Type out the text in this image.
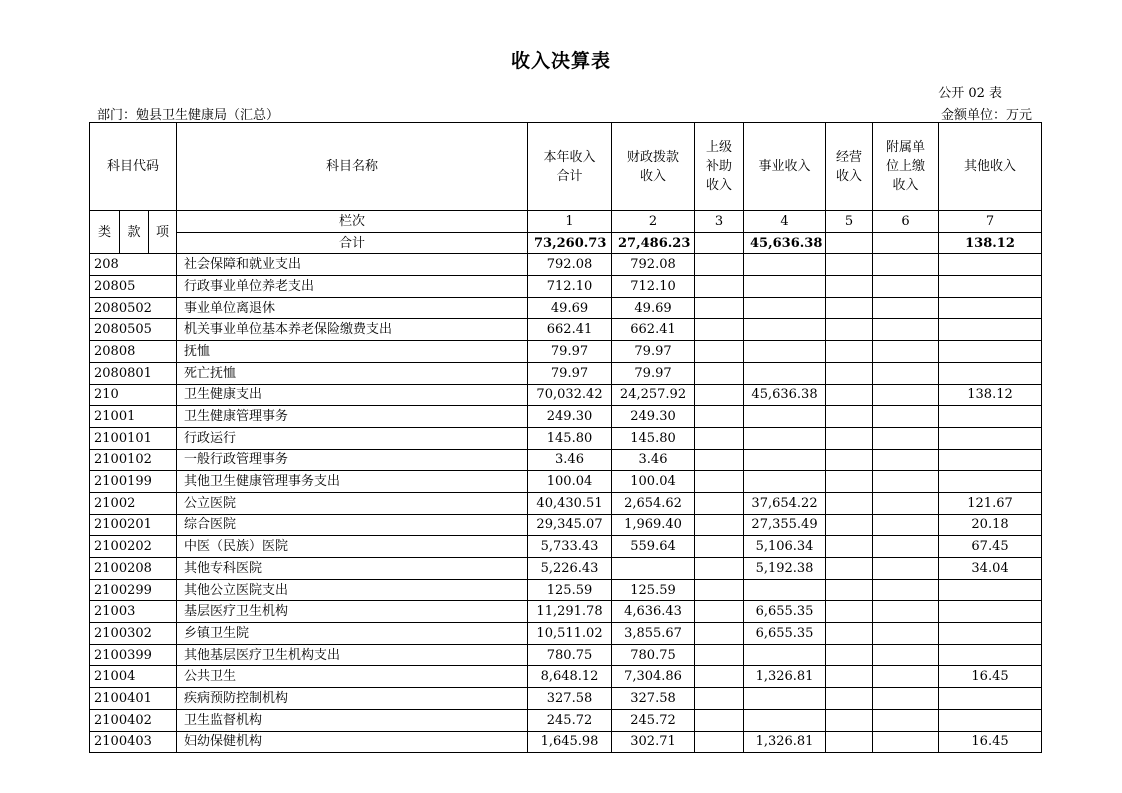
收入决算表
公开 02 表
部门：勉县卫生健康局（汇总）	金额单位：万元
科目代码			科目名称	本年收入合计	财政拨款收入	上级补助收入	事业收入	经营收入	附属单位上缴收入	其他收入
类	款	项	栏次	1	2	3	4	5	6	7
			合计	73,260.73	27,486.23		45,636.38			138.12
208			社会保障和就业支出	792.08	792.08					
20805			行政事业单位养老支出	712.10	712.10					
2080502			事业单位离退休	49.69	49.69					
2080505			机关事业单位基本养老保险缴费支出	662.41	662.41					
20808			抚恤	79.97	79.97					
2080801			死亡抚恤	79.97	79.97					
210			卫生健康支出	70,032.42	24,257.92		45,636.38			138.12
21001			卫生健康管理事务	249.30	249.30					
2100101			行政运行	145.80	145.80					
2100102			一般行政管理事务	3.46	3.46					
2100199			其他卫生健康管理事务支出	100.04	100.04					
21002			公立医院	40,430.51	2,654.62		37,654.22			121.67
2100201			综合医院	29,345.07	1,969.40		27,355.49			20.18
2100202			中医（民族）医院	5,733.43	559.64		5,106.34			67.45
2100208			其他专科医院	5,226.43			5,192.38			34.04
2100299			其他公立医院支出	125.59	125.59					
21003			基层医疗卫生机构	11,291.78	4,636.43		6,655.35			
2100302			乡镇卫生院	10,511.02	3,855.67		6,655.35			
2100399			其他基层医疗卫生机构支出	780.75	780.75					
21004			公共卫生	8,648.12	7,304.86		1,326.81			16.45
2100401			疾病预防控制机构	327.58	327.58					
2100402			卫生监督机构	245.72	245.72					
2100403			妇幼保健机构	1,645.98	302.71		1,326.81			16.45
